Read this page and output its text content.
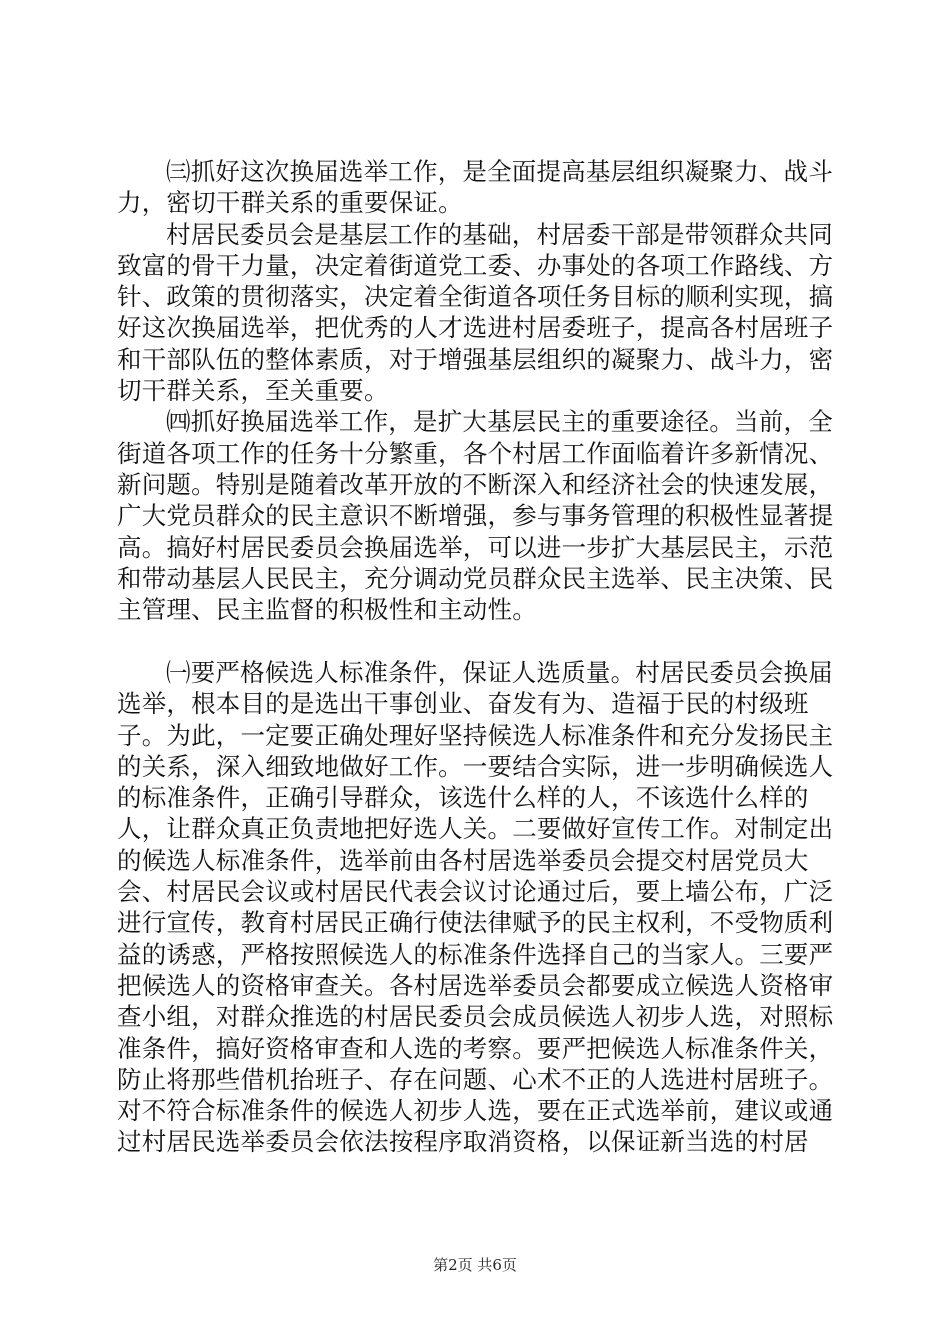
㈢抓好这次换届选举工作，是全面提高基层组织凝聚力、战斗力，密切干群关系的重要保证。

村居民委员会是基层工作的基础，村居委干部是带领群众共同致富的骨干力量，决定着街道党工委、办事处的各项工作路线、方针、政策的贯彻落实，决定着全街道各项任务目标的顺利实现，搞好这次换届选举，把优秀的人才选进村居委班子，提高各村居班子和干部队伍的整体素质，对于增强基层组织的凝聚力、战斗力，密切干群关系，至关重要。

㈣抓好换届选举工作，是扩大基层民主的重要途径。当前，全街道各项工作的任务十分繁重，各个村居工作面临着许多新情况、新问题。特别是随着改革开放的不断深入和经济社会的快速发展，广大党员群众的民主意识不断增强，参与事务管理的积极性显著提高。搞好村居民委员会换届选举，可以进一步扩大基层民主，示范和带动基层人民民主，充分调动党员群众民主选举、民主决策、民主管理、民主监督的积极性和主动性。

㈠要严格候选人标准条件，保证人选质量。村居民委员会换届选举，根本目的是选出干事创业、奋发有为、造福于民的村级班子。为此，一定要正确处理好坚持候选人标准条件和充分发扬民主的关系，深入细致地做好工作。一要结合实际，进一步明确候选人的标准条件，正确引导群众，该选什么样的人，不该选什么样的人，让群众真正负责地把好选人关。二要做好宣传工作。对制定出的候选人标准条件，选举前由各村居选举委员会提交村居党员大会、村居民会议或村居民代表会议讨论通过后，要上墙公布，广泛进行宣传，教育村居民正确行使法律赋予的民主权利，不受物质利益的诱惑，严格按照候选人的标准条件选择自己的当家人。三要严把候选人的资格审查关。各村居选举委员会都要成立候选人资格审查小组，对群众推选的村居民委员会成员候选人初步人选，对照标准条件，搞好资格审查和人选的考察。要严把候选人标准条件关，防止将那些借机抬班子、存在问题、心术不正的人选进村居班子。对不符合标准条件的候选人初步人选，要在正式选举前，建议或通过村居民选举委员会依法按程序取消资格，以保证新当选的村居

第2页 共6页
